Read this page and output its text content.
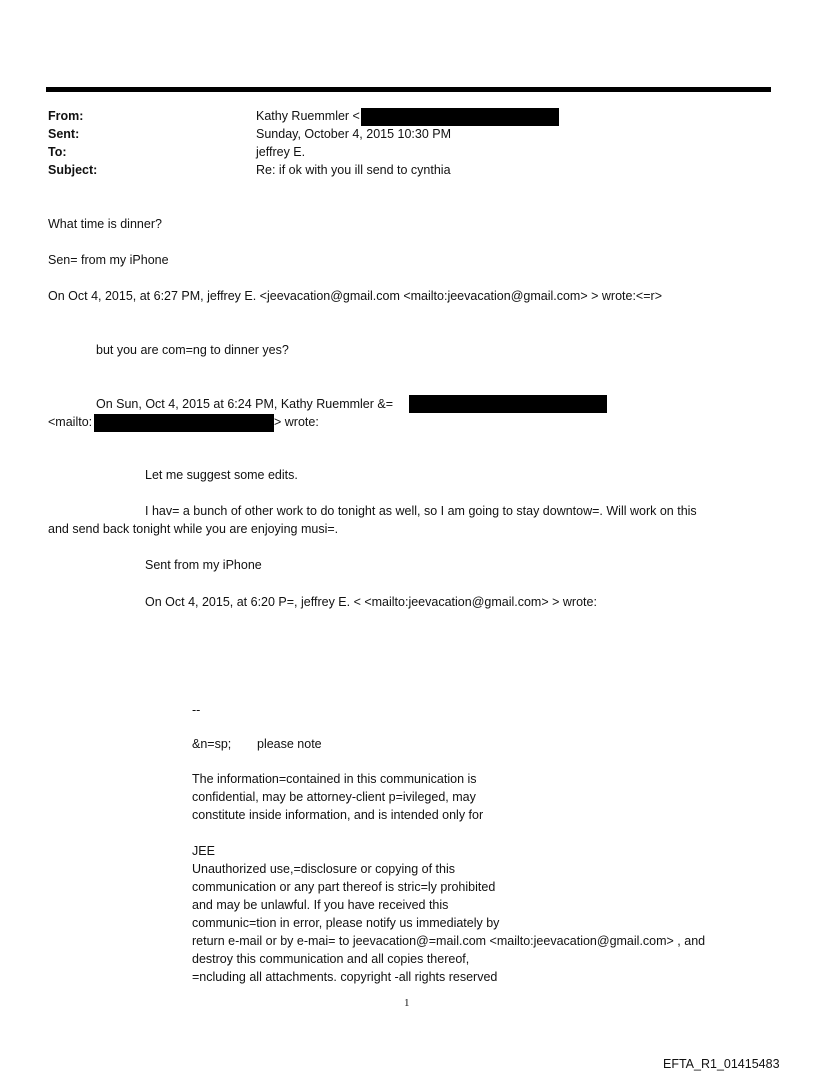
From:	Kathy Ruemmler <
Sent:	Sunday, October 4, 2015 10:30 PM
To:	jeffrey E.
Subject:	Re: if ok with you ill send to cynthia
What time is dinner?
Sen= from my iPhone
On Oct 4, 2015, at 6:27 PM, jeffrey E. <jeevacation@gmail.com <mailto:jeevacation@gmail.com> > wrote:<=r>
but you are com=ng to dinner yes?
On Sun, Oct 4, 2015 at 6:24 PM, Kathy Ruemmler &=
<mailto:	> wrote:
Let me suggest some edits.
I hav= a bunch of other work to do tonight as well, so I am going to stay downtow=. Will work on this
and send back tonight while you are enjoying musi=.
Sent from my iPhone
On Oct 4, 2015, at 6:20 P=, jeffrey E. < <mailto:jeevacation@gmail.com> > wrote:
--
&n=sp; please note
The information=contained in this communication is
confidential, may be attorney-client p=ivileged, may
constitute inside information, and is intended only for
JEE
Unauthorized use,=disclosure or copying of this
communication or any part thereof is stric=ly prohibited
and may be unlawful. If you have received this
communic=tion in error, please notify us immediately by
return e-mail or by e-mai= to jeevacation@=mail.com <mailto:jeevacation@gmail.com> , and
destroy this communication and all copies thereof,
=ncluding all attachments. copyright -all rights reserved
1
EFTA_R1_01415483
